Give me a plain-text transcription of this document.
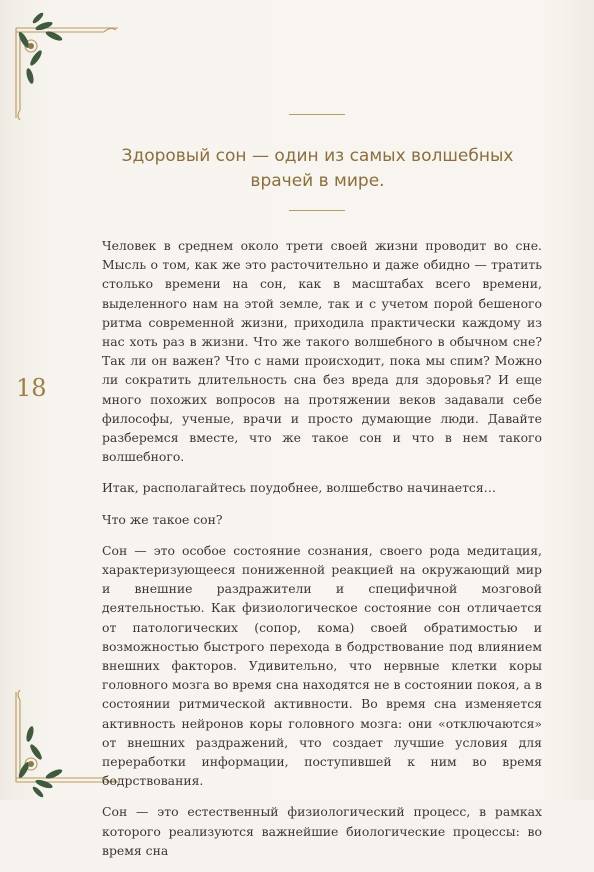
Здоровый сон — один из самых волшебных
врачей в мире.
18

Человек в среднем около трети своей жизни проводит во сне. Мысль о том, как же это расточительно и даже обидно — тратить столько времени на сон, как в масштабах всего времени, выделенного нам на этой земле, так и с учетом порой бешеного ритма современной жизни, приходила практически каждому из нас хоть раз в жизни. Что же такого волшебного в обычном сне? Так ли он важен? Что с нами происходит, пока мы спим? Можно ли сократить длительность сна без вреда для здоровья? И еще много похожих вопросов на протяжении веков задавали себе философы, ученые, врачи и просто думающие люди. Давайте разберемся вместе, что же такое сон и что в нем такого волшебного.

Итак, располагайтесь поудобнее, волшебство начинается…

Что же такое сон?

Сон — это особое состояние сознания, своего рода медитация, характеризующееся пониженной реакцией на окружающий мир и внешние раздражители и специфичной мозговой деятельностью. Как физиологическое состояние сон отличается от патологических (сопор, кома) своей обратимостью и возможностью быстрого перехода в бодрствование под влиянием внешних факторов. Удивительно, что нервные клетки коры головного мозга во время сна находятся не в состоянии покоя, а в состоянии ритмической активности. Во время сна изменяется активность нейронов коры головного мозга: они «отключаются» от внешних раздражений, что создает лучшие условия для переработки информации, поступившей к ним во время бодрствования.

Сон — это естественный физиологический процесс, в рамках которого реализуются важнейшие биологические процессы: во время сна
